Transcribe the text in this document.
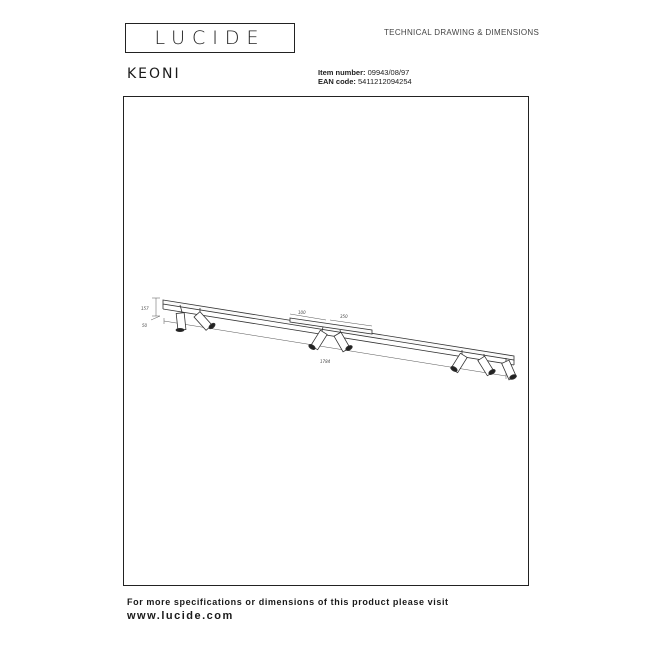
LUCIDE	TECHNICAL DRAWING & DIMENSIONS
KEONI	Item number: 09943/08/97
EAN code: 5411212094254
157
50
100
350
1784
For more specifications or dimensions of this product please visit
www.lucide.com
